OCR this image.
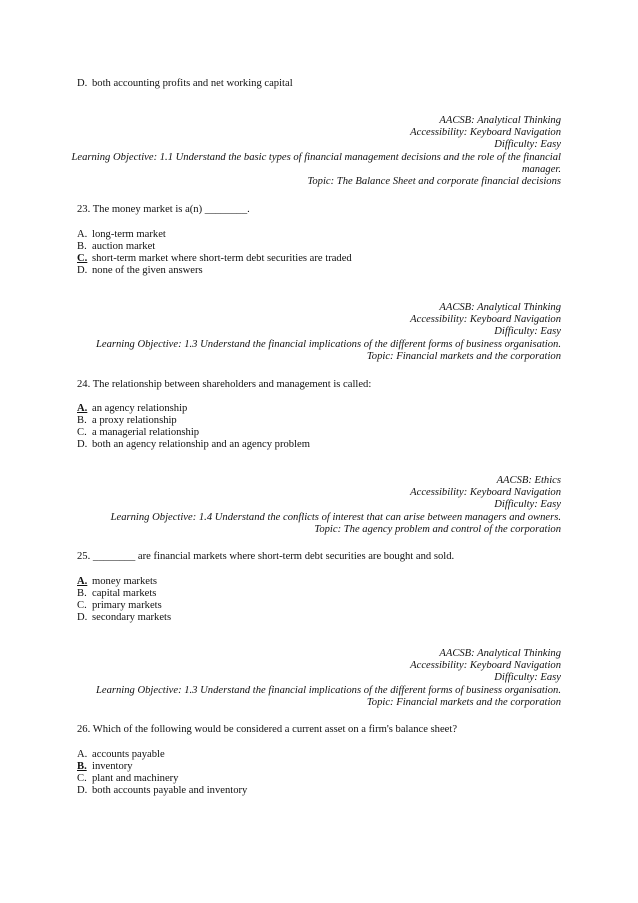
D. both accounting profits and net working capital
AACSB: Analytical Thinking
Accessibility: Keyboard Navigation
Difficulty: Easy
Learning Objective: 1.1 Understand the basic types of financial management decisions and the role of the financial manager.
Topic: The Balance Sheet and corporate financial decisions
23. The money market is a(n) ________.
A. long-term market
B. auction market
C. short-term market where short-term debt securities are traded
D. none of the given answers
AACSB: Analytical Thinking
Accessibility: Keyboard Navigation
Difficulty: Easy
Learning Objective: 1.3 Understand the financial implications of the different forms of business organisation.
Topic: Financial markets and the corporation
24. The relationship between shareholders and management is called:
A. an agency relationship
B. a proxy relationship
C. a managerial relationship
D. both an agency relationship and an agency problem
AACSB: Ethics
Accessibility: Keyboard Navigation
Difficulty: Easy
Learning Objective: 1.4 Understand the conflicts of interest that can arise between managers and owners.
Topic: The agency problem and control of the corporation
25. ________ are financial markets where short-term debt securities are bought and sold.
A. money markets
B. capital markets
C. primary markets
D. secondary markets
AACSB: Analytical Thinking
Accessibility: Keyboard Navigation
Difficulty: Easy
Learning Objective: 1.3 Understand the financial implications of the different forms of business organisation.
Topic: Financial markets and the corporation
26. Which of the following would be considered a current asset on a firm's balance sheet?
A. accounts payable
B. inventory
C. plant and machinery
D. both accounts payable and inventory
